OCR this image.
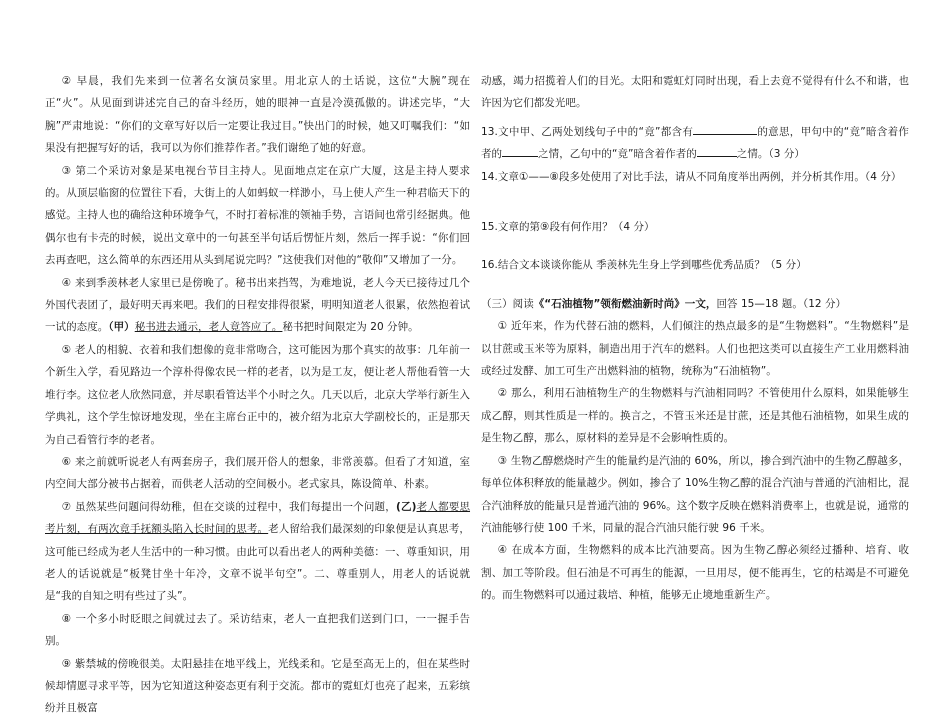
② 早晨，我们先来到一位著名女演员家里。用北京人的土话说，这位“大腕”现在正“火”。从见面到讲述完自己的奋斗经历，她的眼神一直是冷漠孤傲的。讲述完毕，“大腕”严肃地说：“你们的文章写好以后一定要让我过目。”快出门的时候，她又叮嘱我们：“如果没有把握写好的话，我可以为你们推荐作者。”我们谢绝了她的好意。

③ 第二个采访对象是某电视台节目主持人。见面地点定在京广大厦，这是主持人要求的。从顶层临窗的位置往下看，大街上的人如蚂蚁一样渺小，马上使人产生一种君临天下的感觉。主持人也的确给这种环境争气，不时打着标准的领袖手势，言语间也常引经据典。他偶尔也有卡壳的时候，说出文章中的一句甚至半句话后愣怔片刻，然后一挥手说：“你们回去再查吧，这么简单的东西还用从头到尾说完吗？”这使我们对他的“敬仰”又增加了一分。

④ 来到季羡林老人家里已是傍晚了。秘书出来挡驾，为难地说，老人今天已接待过几个外国代表团了，最好明天再来吧。我们的日程安排得很紧，明明知道老人很累，依然抱着试一试的态度。（甲）秘书进去通示，老人竟答应了。秘书把时间限定为 20 分钟。

⑤ 老人的相貌、衣着和我们想像的竟非常吻合，这可能因为那个真实的故事：几年前一个新生入学，看见路边一个淳朴得像农民一样的老者，以为是工友，便让老人帮他看管一大堆行李。这位老人欣然同意，并尽职看管达半个小时之久。几天以后，北京大学举行新生入学典礼，这个学生惊讶地发现，坐在主席台正中的，被介绍为北京大学副校长的，正是那天为自己看管行李的老者。

⑥ 来之前就听说老人有两套房子，我们展开俗人的想象，非常羡慕。但看了才知道，室内空间大部分被书占据着，而供老人活动的空间极小。老式家具，陈设简单、朴素。

⑦ 虽然某些问题问得幼稚，但在交谈的过程中，我们每提出一个问题，(乙)老人都要思考片刻，有两次竟手抚额头陷入长时间的思考。老人留给我们最深刻的印象便是认真思考，这可能已经成为老人生活中的一种习惯。由此可以看出老人的两种美德：一、尊重知识，用老人的话说就是“板凳甘坐十年冷，文章不说半句空”。二、尊重别人，用老人的话说就是“我的自知之明有些过了头”。

⑧ 一个多小时眨眼之间就过去了。采访结束，老人一直把我们送到门口，一一握手告别。

⑨ 紫禁城的傍晚很美。太阳悬挂在地平线上，光线柔和。它是至高无上的，但在某些时候却情愿寻求平等，因为它知道这种姿态更有利于交流。都市的霓虹灯也亮了起来，五彩缤纷并且极富

动感，竭力招揽着人们的目光。太阳和霓虹灯同时出现，看上去竟不觉得有什么不和谐，也许因为它们都发光吧。

13.文中甲、乙两处划线句子中的“竟”都含有	的意思，甲句中的“竟”暗含着作者的	之情，乙句中的“竟”暗含着作者的	之情。（3 分）

14.文章①——⑧段多处使用了对比手法，请从不同角度举出两例，并分析其作用。（4 分）

15.文章的第⑨段有何作用？（4 分）

16.结合文本谈谈你能从 季羡林先生身上学到哪些优秀品质？（5 分）

（三）阅读《“石油植物”领衔燃油新时尚》一文，回答 15—18 题。（12 分）

① 近年来，作为代替石油的燃料，人们倾注的热点最多的是“生物燃料”。“生物燃料”是以甘蔗或玉米等为原料，制造出用于汽车的燃料。人们也把这类可以直接生产工业用燃料油或经过发酵、加工可生产出燃料油的植物，统称为“石油植物”。

② 那么，利用石油植物生产的生物燃料与汽油相同吗？不管使用什么原料，如果能够生成乙醇，则其性质是一样的。换言之，不管玉米还是甘蔗，还是其他石油植物，如果生成的是生物乙醇，那么，原材料的差异是不会影响性质的。

③ 生物乙醇燃烧时产生的能量约是汽油的 60%，所以，掺合到汽油中的生物乙醇越多，每单位体积释放的能量越少。例如，掺合了 10%生物乙醇的混合汽油与普通的汽油相比，混合汽油释放的能量只是普通汽油的 96%。这个数字反映在燃料消费率上，也就是说，通常的汽油能够行使 100 千米，同量的混合汽油只能行驶 96 千米。

④ 在成本方面，生物燃料的成本比汽油要高。因为生物乙醇必须经过播种、培育、收割、加工等阶段。但石油是不可再生的能源，一旦用尽，便不能再生，它的枯竭是不可避免的。而生物燃料可以通过栽培、种植，能够无止境地重新生产。
